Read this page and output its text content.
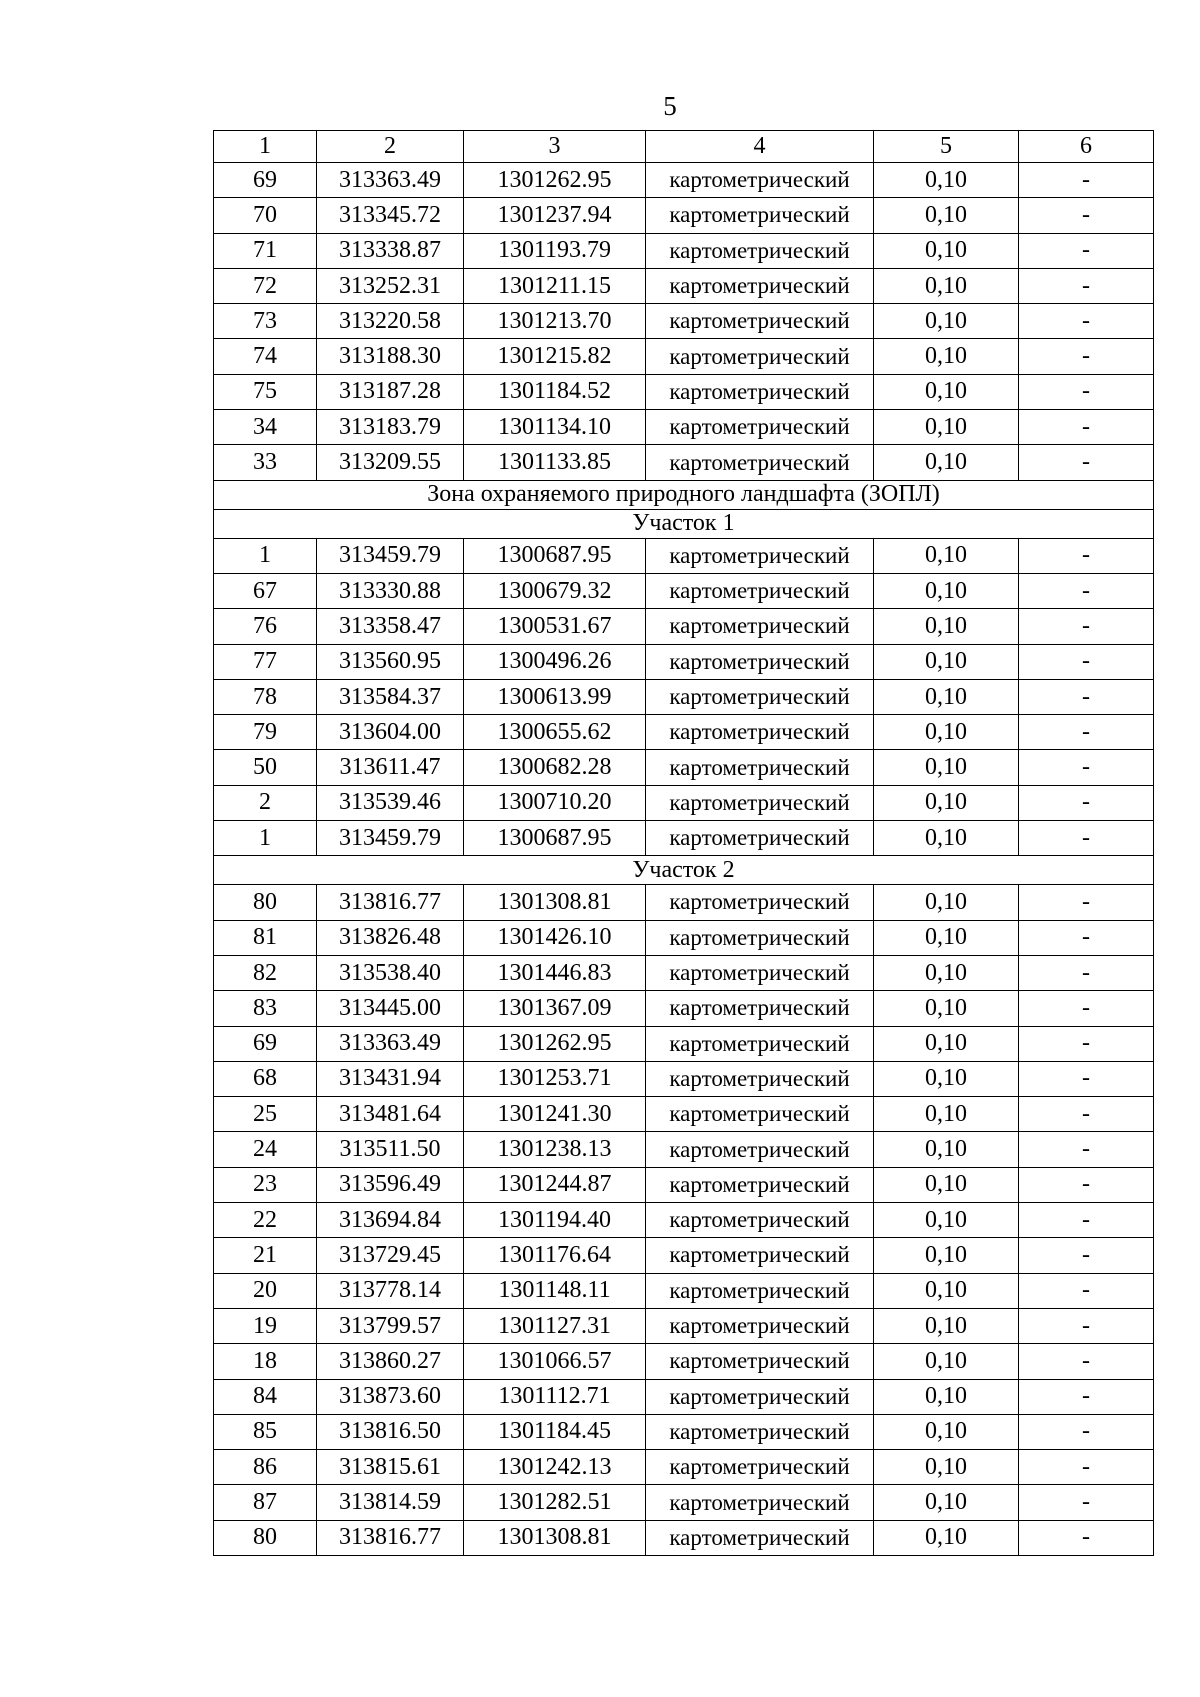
5
1	2	3	4	5	6
69	313363.49	1301262.95	картометрический	0,10	-
70	313345.72	1301237.94	картометрический	0,10	-
71	313338.87	1301193.79	картометрический	0,10	-
72	313252.31	1301211.15	картометрический	0,10	-
73	313220.58	1301213.70	картометрический	0,10	-
74	313188.30	1301215.82	картометрический	0,10	-
75	313187.28	1301184.52	картометрический	0,10	-
34	313183.79	1301134.10	картометрический	0,10	-
33	313209.55	1301133.85	картометрический	0,10	-
Зона охраняемого природного ландшафта (ЗОПЛ)					
Участок 1					
1	313459.79	1300687.95	картометрический	0,10	-
67	313330.88	1300679.32	картометрический	0,10	-
76	313358.47	1300531.67	картометрический	0,10	-
77	313560.95	1300496.26	картометрический	0,10	-
78	313584.37	1300613.99	картометрический	0,10	-
79	313604.00	1300655.62	картометрический	0,10	-
50	313611.47	1300682.28	картометрический	0,10	-
2	313539.46	1300710.20	картометрический	0,10	-
1	313459.79	1300687.95	картометрический	0,10	-
Участок 2					
80	313816.77	1301308.81	картометрический	0,10	-
81	313826.48	1301426.10	картометрический	0,10	-
82	313538.40	1301446.83	картометрический	0,10	-
83	313445.00	1301367.09	картометрический	0,10	-
69	313363.49	1301262.95	картометрический	0,10	-
68	313431.94	1301253.71	картометрический	0,10	-
25	313481.64	1301241.30	картометрический	0,10	-
24	313511.50	1301238.13	картометрический	0,10	-
23	313596.49	1301244.87	картометрический	0,10	-
22	313694.84	1301194.40	картометрический	0,10	-
21	313729.45	1301176.64	картометрический	0,10	-
20	313778.14	1301148.11	картометрический	0,10	-
19	313799.57	1301127.31	картометрический	0,10	-
18	313860.27	1301066.57	картометрический	0,10	-
84	313873.60	1301112.71	картометрический	0,10	-
85	313816.50	1301184.45	картометрический	0,10	-
86	313815.61	1301242.13	картометрический	0,10	-
87	313814.59	1301282.51	картометрический	0,10	-
80	313816.77	1301308.81	картометрический	0,10	-
